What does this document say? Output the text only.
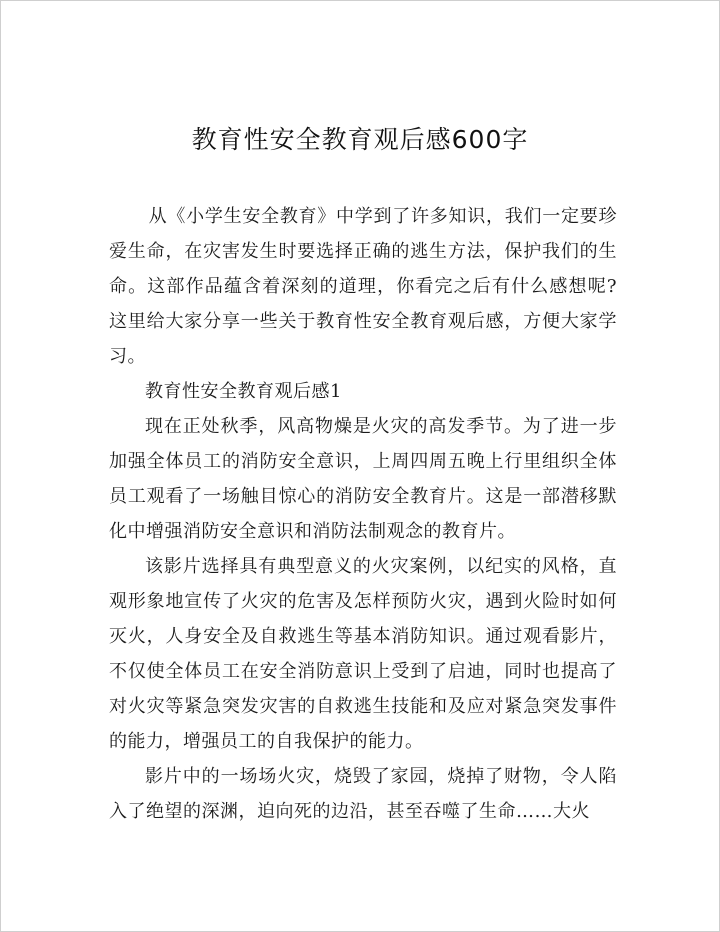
教育性安全教育观后感600字

从《小学生安全教育》中学到了许多知识，我们一定要珍爱生命，在灾害发生时要选择正确的逃生方法，保护我们的生命。这部作品蕴含着深刻的道理，你看完之后有什么感想呢?这里给大家分享一些关于教育性安全教育观后感，方便大家学习。

教育性安全教育观后感1

现在正处秋季，风高物燥是火灾的高发季节。为了进一步加强全体员工的消防安全意识，上周四周五晚上行里组织全体员工观看了一场触目惊心的消防安全教育片。这是一部潜移默化中增强消防安全意识和消防法制观念的教育片。

该影片选择具有典型意义的火灾案例，以纪实的风格，直观形象地宣传了火灾的危害及怎样预防火灾，遇到火险时如何灭火，人身安全及自救逃生等基本消防知识。通过观看影片，不仅使全体员工在安全消防意识上受到了启迪，同时也提高了对火灾等紧急突发灾害的自救逃生技能和及应对紧急突发事件的能力，增强员工的自我保护的能力。

影片中的一场场火灾，烧毁了家园，烧掉了财物，令人陷入了绝望的深渊，迫向死的边沿，甚至吞噬了生命……大火
